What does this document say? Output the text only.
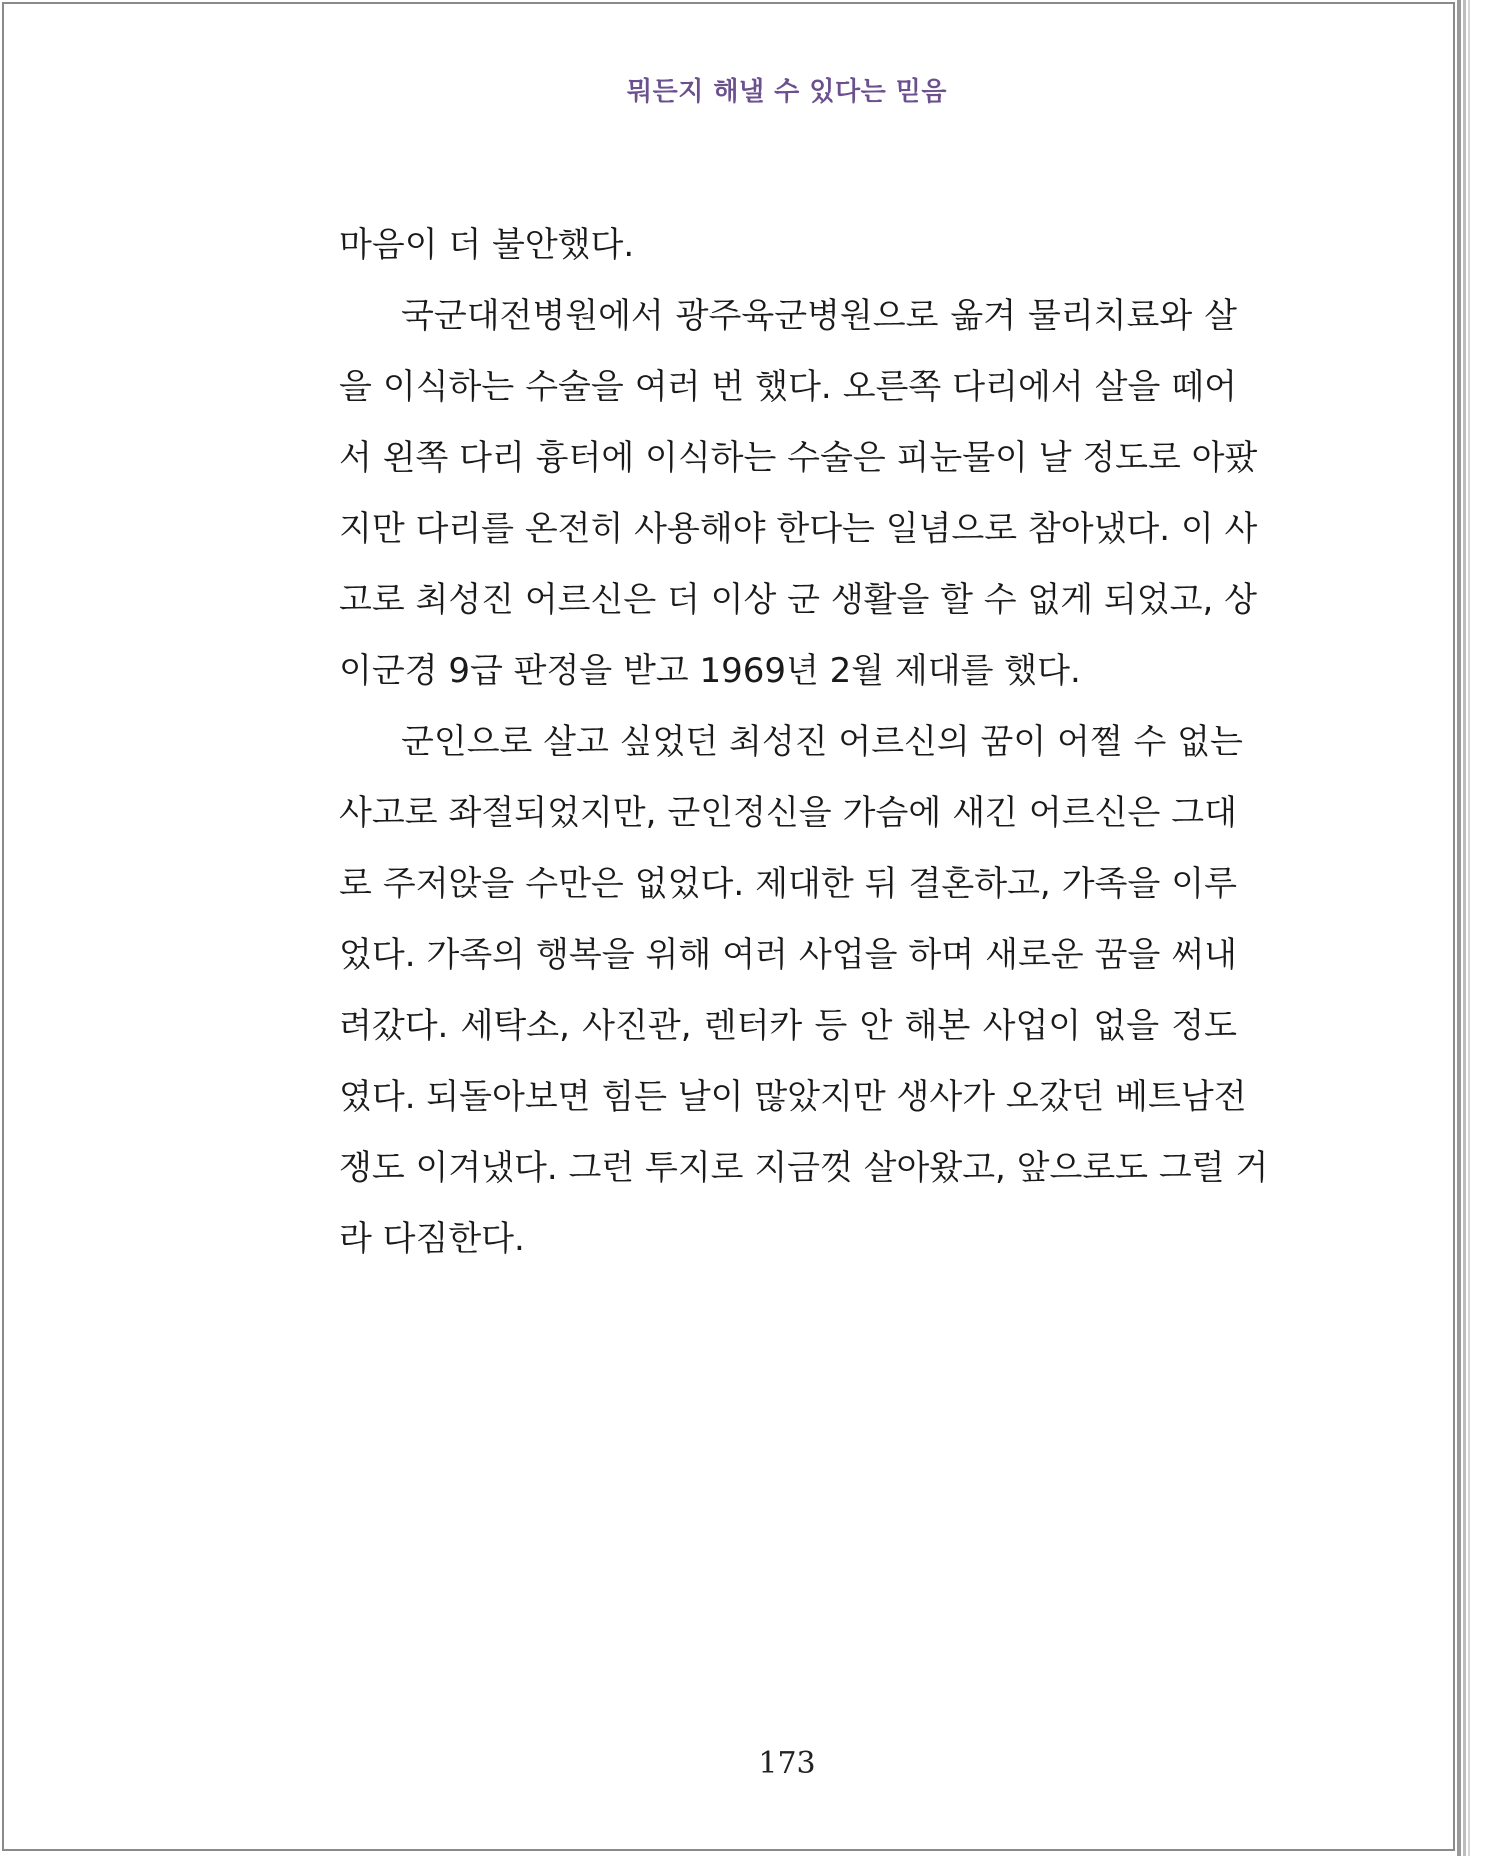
뭐든지 해낼 수 있다는 믿음
마음이 더 불안했다.
국군대전병원에서 광주육군병원으로 옮겨 물리치료와 살
을 이식하는 수술을 여러 번 했다. 오른쪽 다리에서 살을 떼어
서 왼쪽 다리 흉터에 이식하는 수술은 피눈물이 날 정도로 아팠
지만 다리를 온전히 사용해야 한다는 일념으로 참아냈다. 이 사
고로 최성진 어르신은 더 이상 군 생활을 할 수 없게 되었고, 상
이군경 9급 판정을 받고 1969년 2월 제대를 했다.
군인으로 살고 싶었던 최성진 어르신의 꿈이 어쩔 수 없는
사고로 좌절되었지만, 군인정신을 가슴에 새긴 어르신은 그대
로 주저앉을 수만은 없었다. 제대한 뒤 결혼하고, 가족을 이루
었다. 가족의 행복을 위해 여러 사업을 하며 새로운 꿈을 써내
려갔다. 세탁소, 사진관, 렌터카 등 안 해본 사업이 없을 정도
였다. 되돌아보면 힘든 날이 많았지만 생사가 오갔던 베트남전
쟁도 이겨냈다. 그런 투지로 지금껏 살아왔고, 앞으로도 그럴 거
라 다짐한다.
173
